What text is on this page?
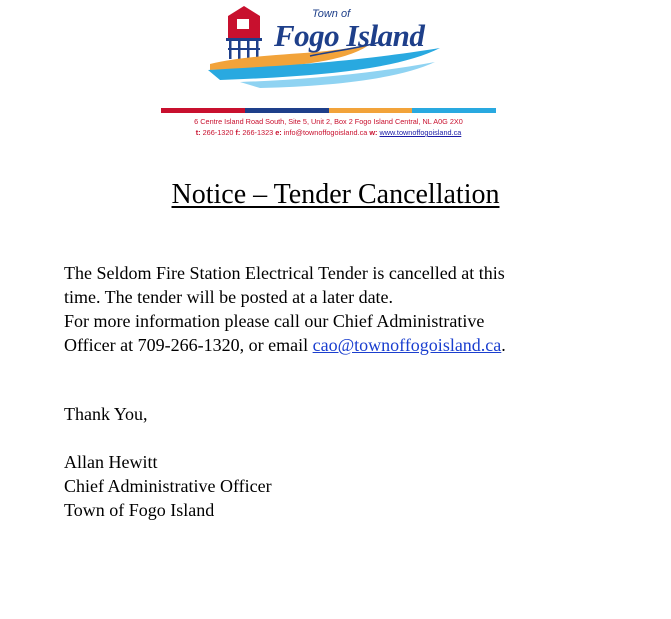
Town of
Fogo Island
6 Centre Island Road South, Site 5, Unit 2, Box 2 Fogo Island Central, NL A0G 2X0
t: 266-1320 f: 266-1323 e: info@townoffogoisland.ca w: www.townoffogoisland.ca
Notice – Tender Cancellation

The Seldom Fire Station Electrical Tender is cancelled at this

time. The tender will be posted at a later date.

For more information please call our Chief Administrative

Officer at 709-266-1320, or email cao@townoffogoisland.ca.

Thank You,
Allan Hewitt
Chief Administrative Officer
Town of Fogo Island
